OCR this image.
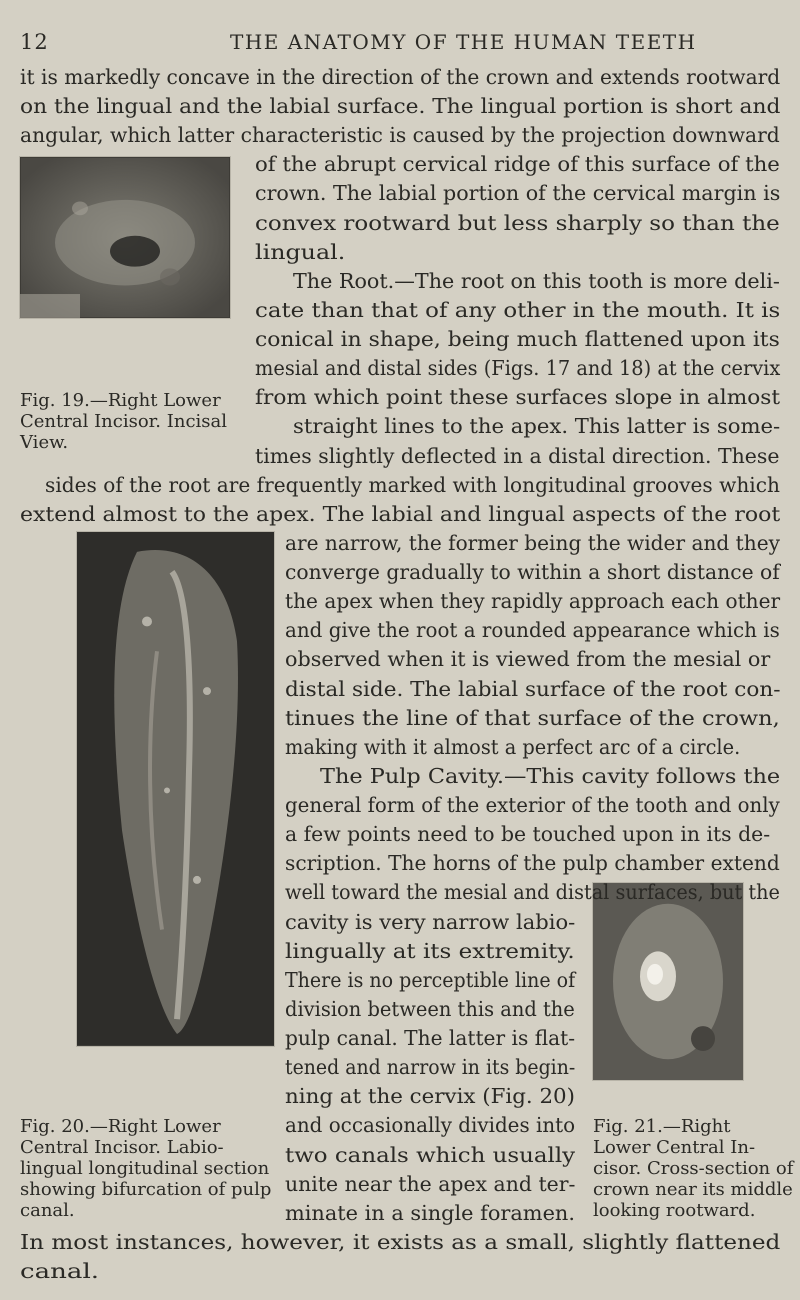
12	THE ANATOMY OF THE HUMAN TEETH
Fig. 19.—Right Lower
Central Incisor. Incisal
View.
Fig. 20.—Right Lower
Central Incisor. Labio-
lingual longitudinal section
showing bifurcation of pulp
canal.
Fig. 21.—Right
Lower Central In-
cisor. Cross-section of
crown near its middle
looking rootward.
it is markedly concave in the direction of the crown and extends rootward
on the lingual and the labial surface. The lingual portion is short and
angular, which latter characteristic is caused by the projection downward
of the abrupt cervical ridge of this surface of the
crown. The labial portion of the cervical margin is
convex rootward but less sharply so than the
lingual.
The Root.—The root on this tooth is more deli-
cate than that of any other in the mouth. It is
conical in shape, being much flattened upon its
mesial and distal sides (Figs. 17 and 18) at the cervix
from which point these surfaces slope in almost
straight lines to the apex. This latter is some-
times slightly deflected in a distal direction. These
sides of the root are frequently marked with longitudinal grooves which
extend almost to the apex. The labial and lingual aspects of the root
are narrow, the former being the wider and they
converge gradually to within a short distance of
the apex when they rapidly approach each other
and give the root a rounded appearance which is
observed when it is viewed from the mesial or
distal side. The labial surface of the root con-
tinues the line of that surface of the crown,
making with it almost a perfect arc of a circle.
The Pulp Cavity.—This cavity follows the
general form of the exterior of the tooth and only
a few points need to be touched upon in its de-
scription. The horns of the pulp chamber extend
well toward the mesial and distal surfaces, but the
cavity is very narrow labio-
lingually at its extremity.
There is no perceptible line of
division between this and the
pulp canal. The latter is flat-
tened and narrow in its begin-
ning at the cervix (Fig. 20)
and occasionally divides into
two canals which usually
unite near the apex and ter-
minate in a single foramen.
In most instances, however, it exists as a small, slightly flattened
canal.
